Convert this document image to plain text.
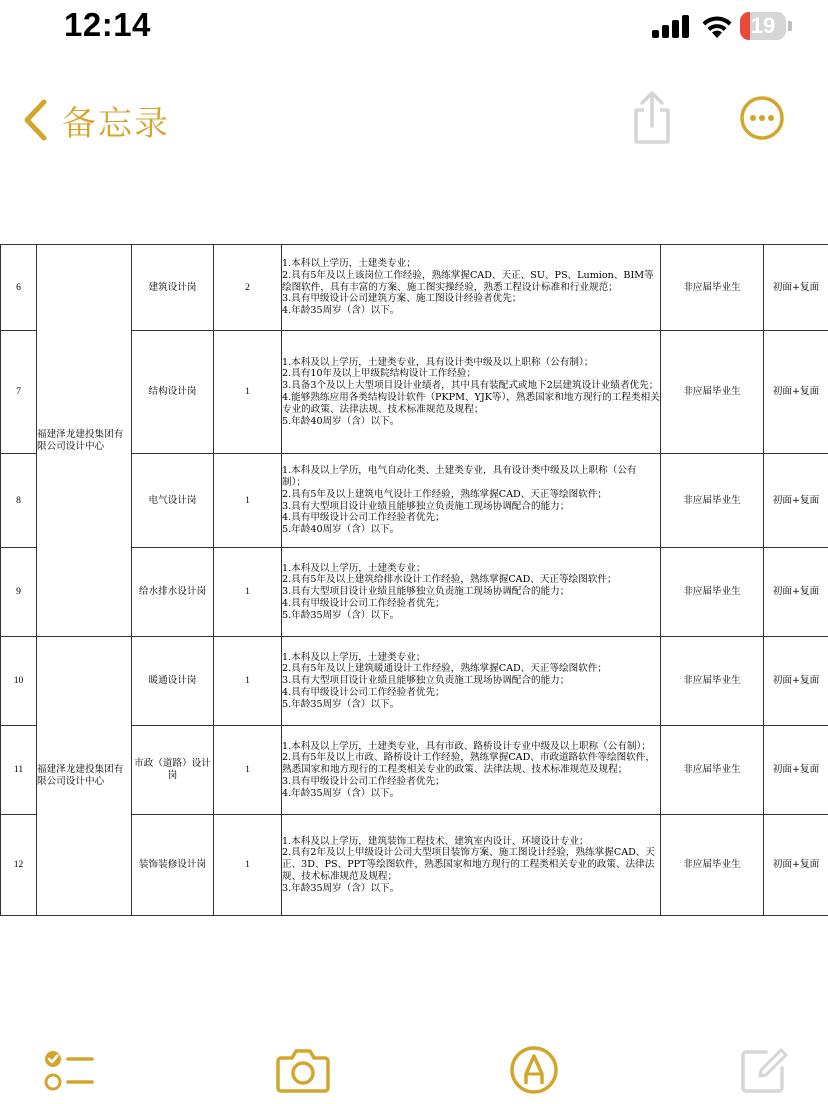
12:14	19
备忘录
6	福建泽龙建投集团有限公司设计中心	建筑设计岗	2	1.本科以上学历，土建类专业；
2.具有5年及以上该岗位工作经验，熟练掌握CAD、天正、SU、PS、Lumion、BIM等绘图软件，具有丰富的方案、施工图实操经验，熟悉工程设计标准和行业规范；
3.具有甲级设计公司建筑方案、施工图设计经验者优先；
4.年龄35周岁（含）以下。	非应届毕业生	初面+复面
7		结构设计岗	1	1.本科及以上学历，土建类专业，具有设计类中级及以上职称（公有制）；
2.具有10年及以上甲级院结构设计工作经验；
3.具备3个及以上大型项目设计业绩者，其中具有装配式或地下2层建筑设计业绩者优先；
4.能够熟练应用各类结构设计软件（PKPM、YJK等），熟悉国家和地方现行的工程类相关专业的政策、法律法规、技术标准规范及规程；
5.年龄40周岁（含）以下。	非应届毕业生	初面+复面
8		电气设计岗	1	1.本科及以上学历，电气自动化类、土建类专业，具有设计类中级及以上职称（公有制）；
2.具有5年及以上建筑电气设计工作经验，熟练掌握CAD、天正等绘图软件；
3.具有大型项目设计业绩且能够独立负责施工现场协调配合的能力；
4.具有甲级设计公司工作经验者优先；
5.年龄40周岁（含）以下。	非应届毕业生	初面+复面
9		给水排水设计岗	1	1.本科及以上学历，土建类专业；
2.具有5年及以上建筑给排水设计工作经验，熟练掌握CAD、天正等绘图软件；
3.具有大型项目设计业绩且能够独立负责施工现场协调配合的能力；
4.具有甲级设计公司工作经验者优先；
5.年龄35周岁（含）以下。	非应届毕业生	初面+复面
10	福建泽龙建投集团有限公司设计中心	暖通设计岗	1	1.本科及以上学历，土建类专业；
2.具有5年及以上建筑暖通设计工作经验，熟练掌握CAD、天正等绘图软件；
3.具有大型项目设计业绩且能够独立负责施工现场协调配合的能力；
4.具有甲级设计公司工作经验者优先；
5.年龄35周岁（含）以下。	非应届毕业生	初面+复面
11		市政（道路）设计岗	1	1.本科及以上学历，土建类专业，具有市政、路桥设计专业中级及以上职称（公有制）；
2.具有5年及以上市政、路桥设计工作经验，熟练掌握CAD、市政道路软件等绘图软件，熟悉国家和地方现行的工程类相关专业的政策、法律法规、技术标准规范及规程；
3.具有甲级设计公司工作经验者优先；
4.年龄35周岁（含）以下。	非应届毕业生	初面+复面
12		装饰装修设计岗	1	1.本科及以上学历，建筑装饰工程技术、建筑室内设计、环境设计专业；
2.具有2年及以上甲级设计公司大型项目装饰方案、施工图设计经验，熟练掌握CAD、天正、3D、PS、PPT等绘图软件，熟悉国家和地方现行的工程类相关专业的政策、法律法规、技术标准规范及规程；
3.年龄35周岁（含）以下。	非应届毕业生	初面+复面
